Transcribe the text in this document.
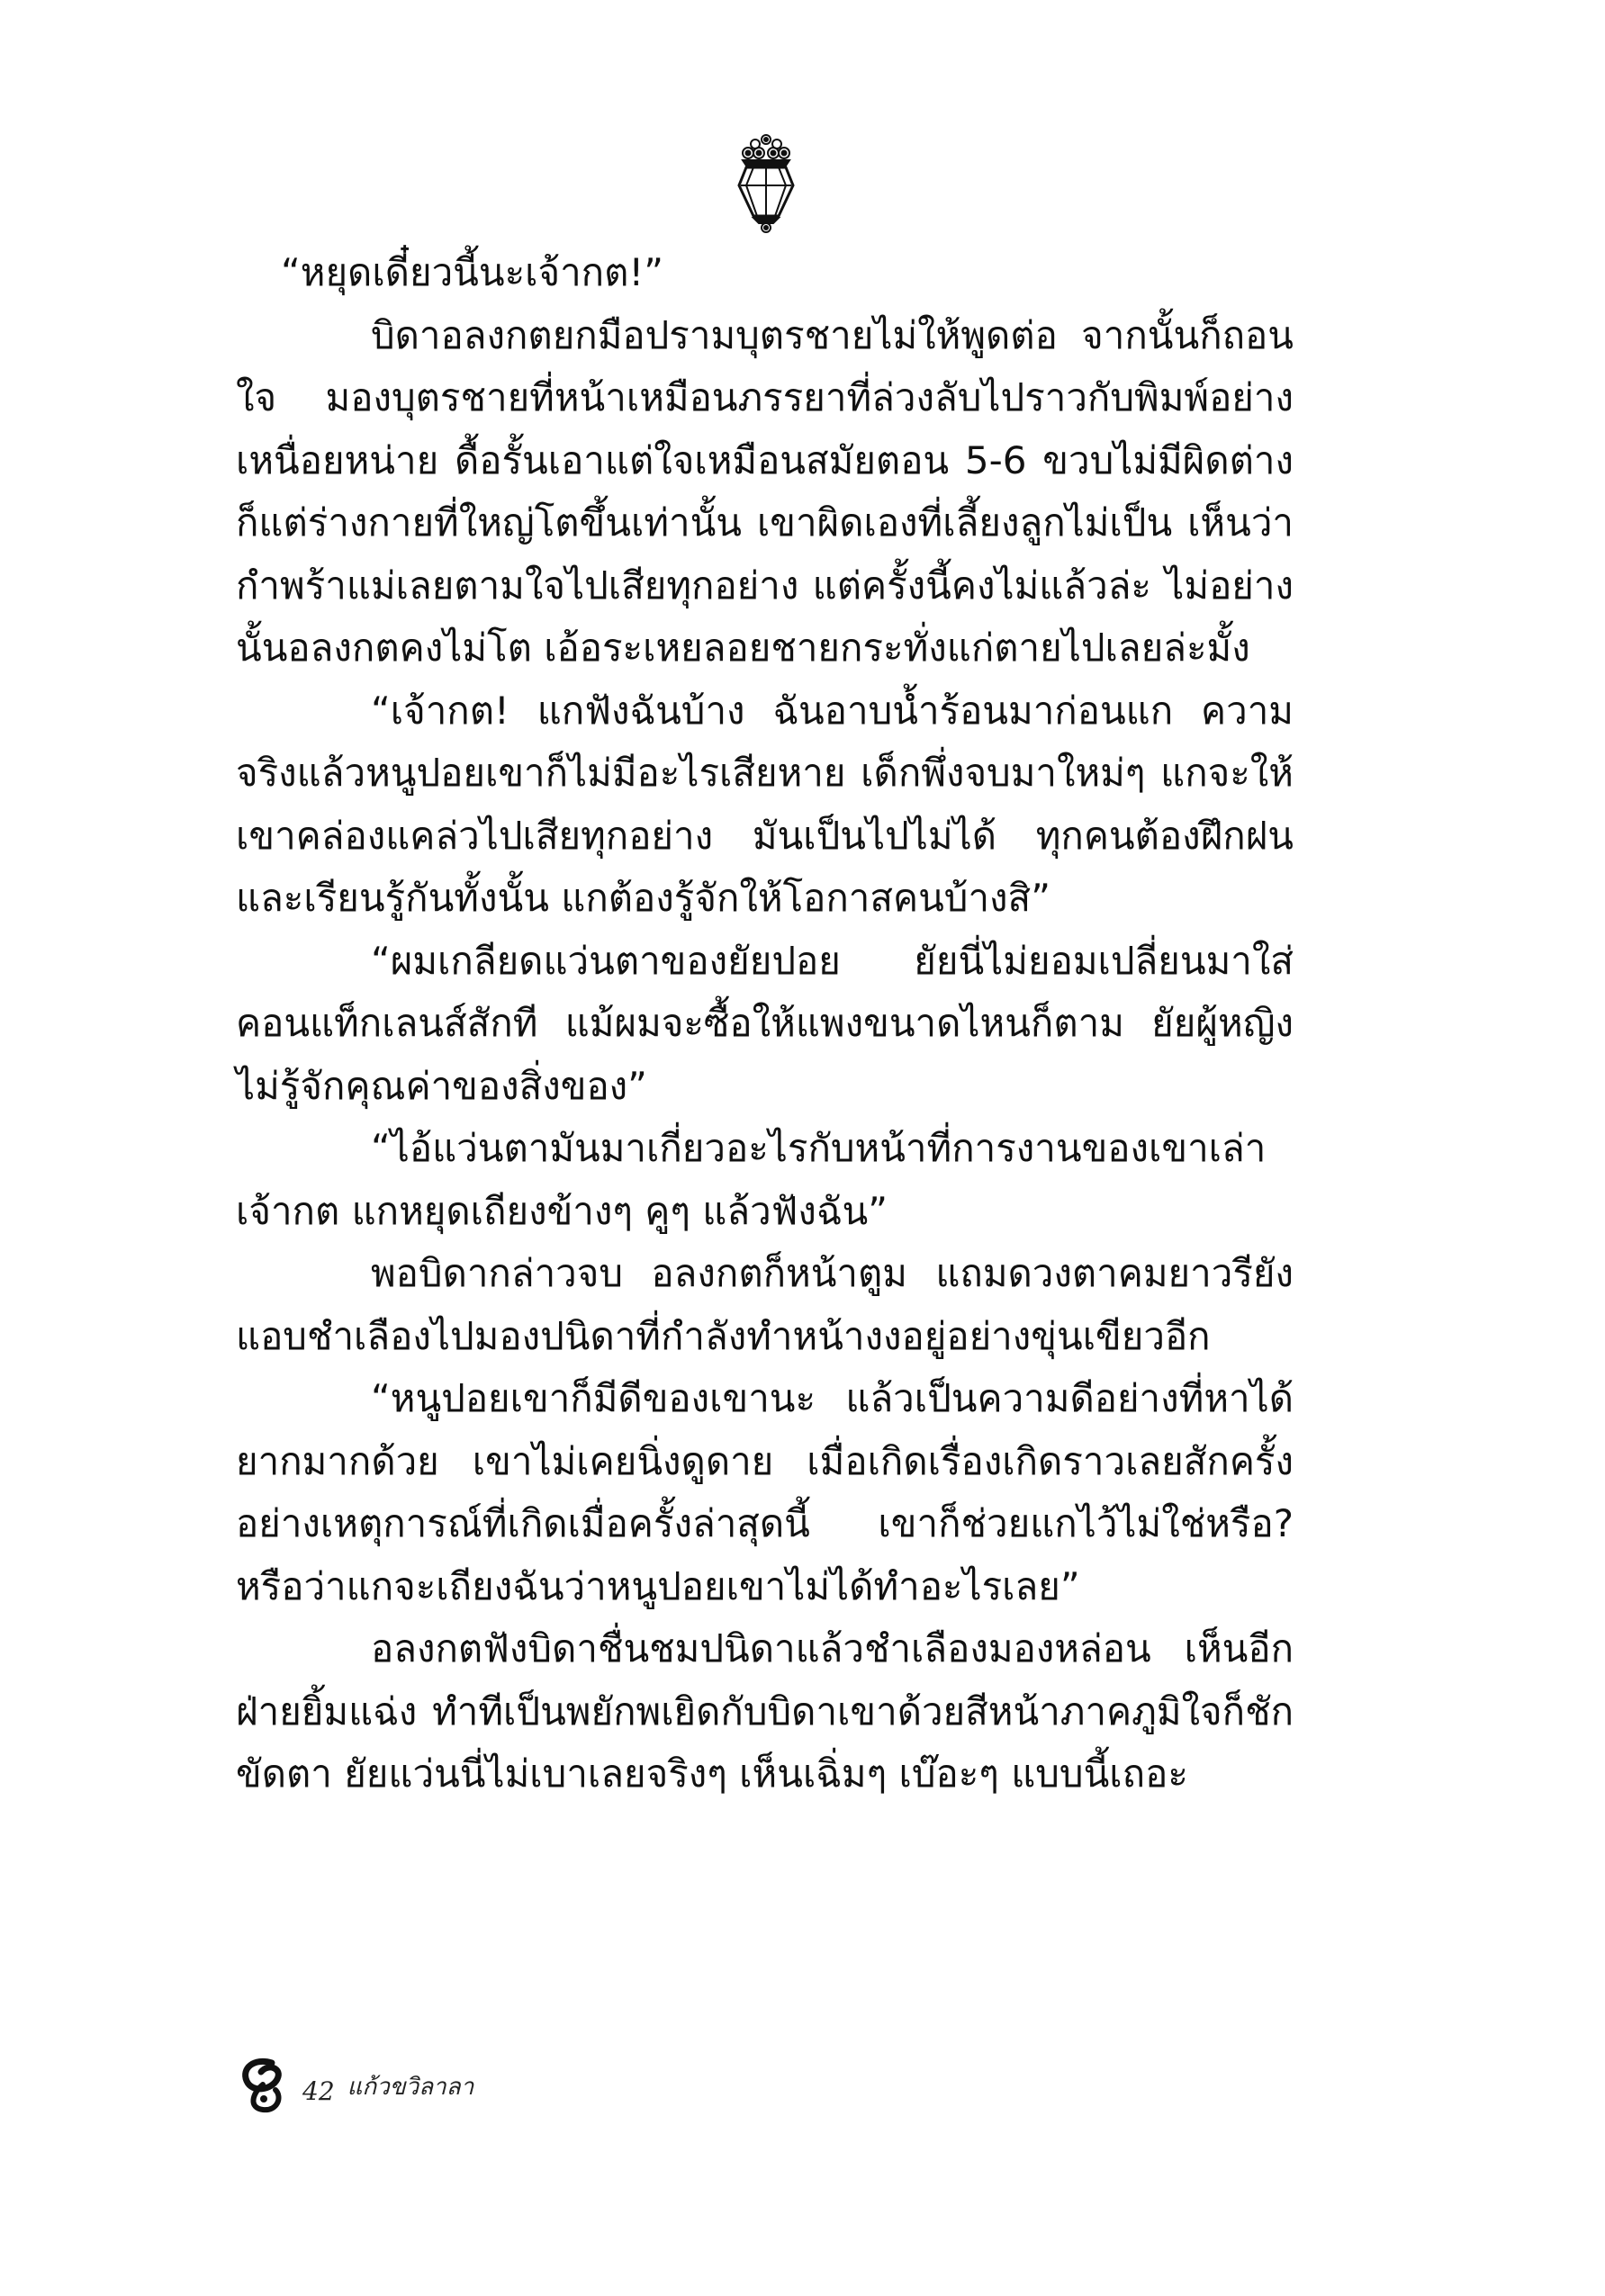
“หยุดเดี๋ยวนี้นะเจ้ากต!”

บิดาอลงกตยกมือปรามบุตรชายไม่ให้พูดต่อ จากนั้นก็ถอนใจ มองบุตรชายที่หน้าเหมือนภรรยาที่ล่วงลับไปราวกับพิมพ์อย่างเหนื่อยหน่าย ดื้อรั้นเอาแต่ใจเหมือนสมัยตอน 5-6 ขวบไม่มีผิดต่างก็แต่ร่างกายที่ใหญ่โตขึ้นเท่านั้น เขาผิดเองที่เลี้ยงลูกไม่เป็น เห็นว่ากำพร้าแม่เลยตามใจไปเสียทุกอย่าง แต่ครั้งนี้คงไม่แล้วล่ะ ไม่อย่างนั้นอลงกตคงไม่โต เอ้อระเหยลอยชายกระทั่งแก่ตายไปเลยล่ะมั้ง

“เจ้ากต! แกฟังฉันบ้าง ฉันอาบน้ำร้อนมาก่อนแก ความจริงแล้วหนูปอยเขาก็ไม่มีอะไรเสียหาย เด็กพึ่งจบมาใหม่ๆ แกจะให้เขาคล่องแคล่วไปเสียทุกอย่าง มันเป็นไปไม่ได้ ทุกคนต้องฝึกฝนและเรียนรู้กันทั้งนั้น แกต้องรู้จักให้โอกาสคนบ้างสิ”

“ผมเกลียดแว่นตาของยัยปอย ยัยนี่ไม่ยอมเปลี่ยนมาใส่คอนแท็กเลนส์สักที แม้ผมจะซื้อให้แพงขนาดไหนก็ตาม ยัยผู้หญิงไม่รู้จักคุณค่าของสิ่งของ”

“ไอ้แว่นตามันมาเกี่ยวอะไรกับหน้าที่การงานของเขาเล่า เจ้ากต แกหยุดเถียงข้างๆ คูๆ แล้วฟังฉัน”

พอบิดากล่าวจบ อลงกตก็หน้าตูม แถมดวงตาคมยาวรียังแอบชำเลืองไปมองปนิดาที่กำลังทำหน้างงอยู่อย่างขุ่นเขียวอีก

“หนูปอยเขาก็มีดีของเขานะ แล้วเป็นความดีอย่างที่หาได้ยากมากด้วย เขาไม่เคยนิ่งดูดาย เมื่อเกิดเรื่องเกิดราวเลยสักครั้ง อย่างเหตุการณ์ที่เกิดเมื่อครั้งล่าสุดนี้ เขาก็ช่วยแกไว้ไม่ใช่หรือ? หรือว่าแกจะเถียงฉันว่าหนูปอยเขาไม่ได้ทำอะไรเลย”

อลงกตฟังบิดาชื่นชมปนิดาแล้วชำเลืองมองหล่อน เห็นอีกฝ่ายยิ้มแฉ่ง ทำทีเป็นพยักพเยิดกับบิดาเขาด้วยสีหน้าภาคภูมิใจก็ชักขัดตา ยัยแว่นนี่ไม่เบาเลยจริงๆ เห็นเฉิ่มๆ เบ๊อะๆ แบบนี้เถอะ

42 แก้วขวิลาลา
